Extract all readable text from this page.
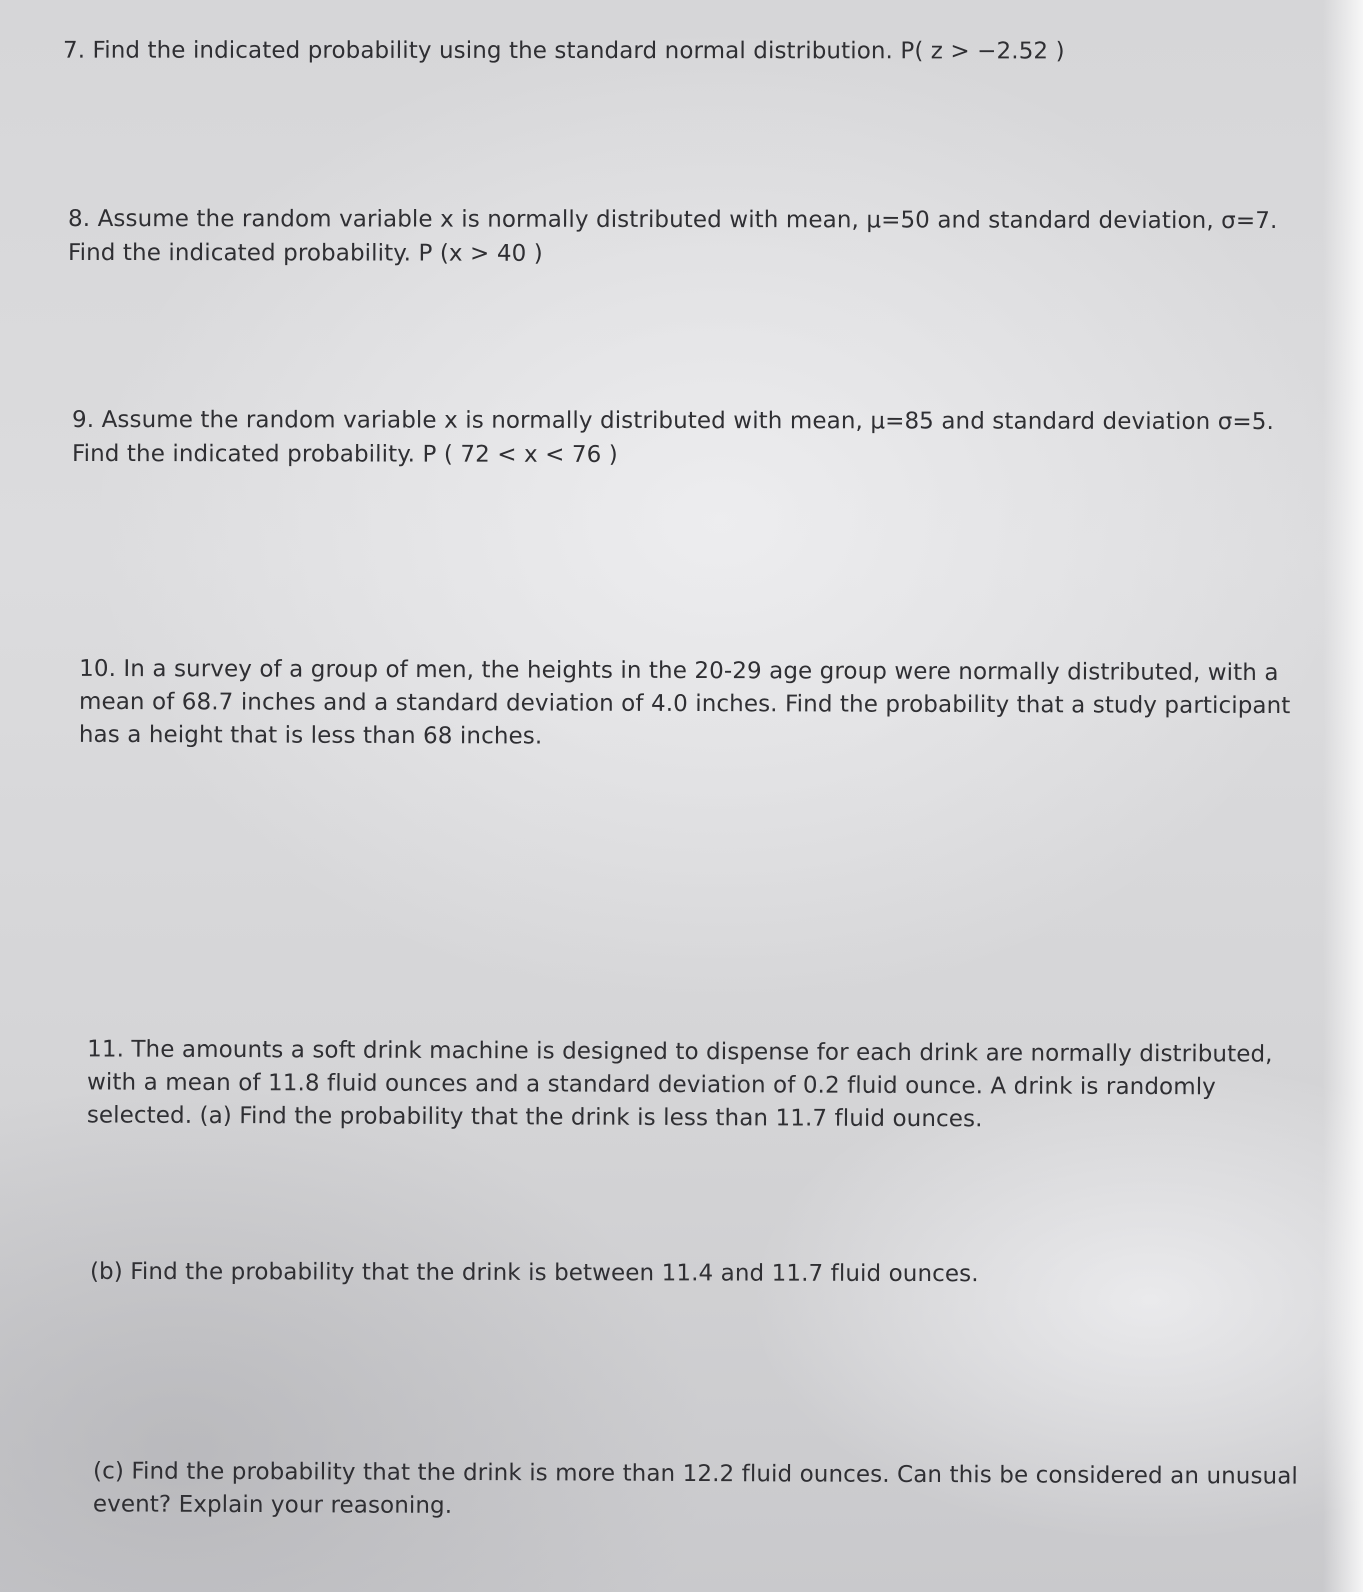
7. Find the indicated probability using the standard normal distribution. P( z > −2.52 )

8. Assume the random variable x is normally distributed with mean, μ=50 and standard deviation, σ=7.
Find the indicated probability. P (x > 40 )

9. Assume the random variable x is normally distributed with mean, μ=85 and standard deviation σ=5.
Find the indicated probability. P ( 72 < x < 76 )

10. In a survey of a group of men, the heights in the 20-29 age group were normally distributed, with a
mean of 68.7 inches and a standard deviation of 4.0 inches. Find the probability that a study participant
has a height that is less than 68 inches.

11. The amounts a soft drink machine is designed to dispense for each drink are normally distributed,
with a mean of 11.8 fluid ounces and a standard deviation of 0.2 fluid ounce. A drink is randomly
selected. (a) Find the probability that the drink is less than 11.7 fluid ounces.

(b) Find the probability that the drink is between 11.4 and 11.7 fluid ounces.

(c) Find the probability that the drink is more than 12.2 fluid ounces. Can this be considered an unusual
event? Explain your reasoning.
